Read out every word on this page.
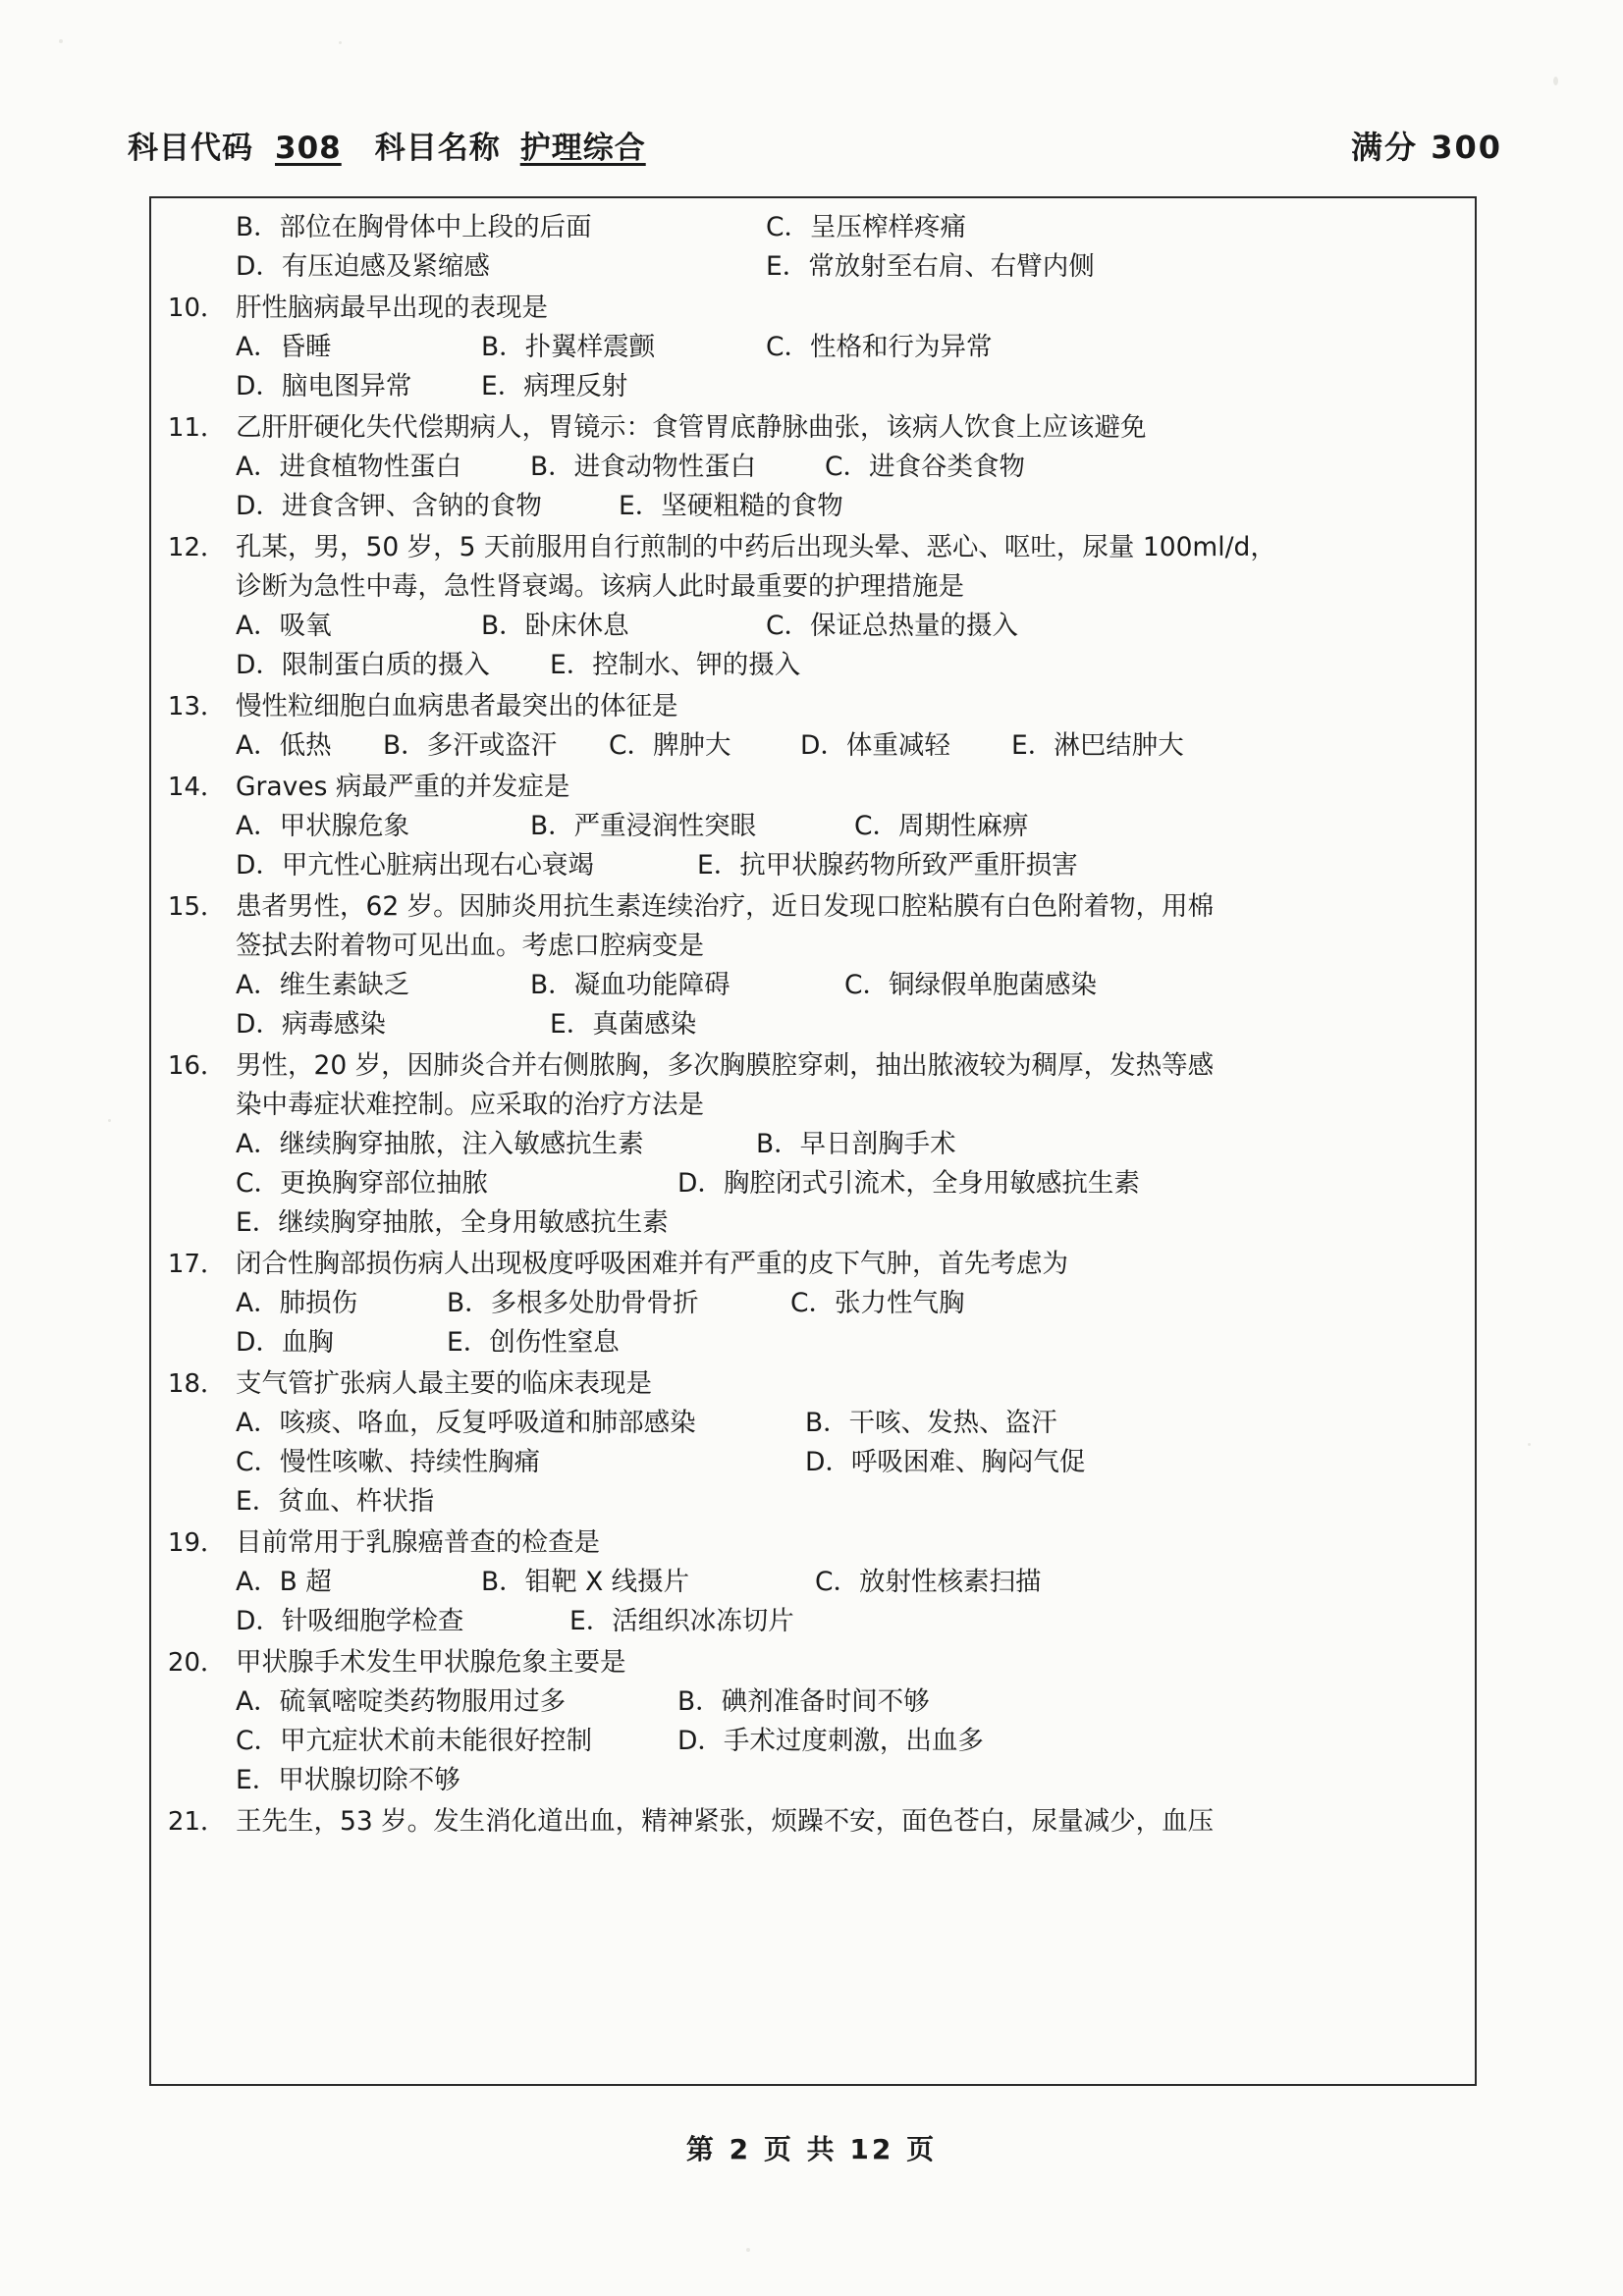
科目代码 308 科目名称 护理综合	满分 300
B．部位在胸骨体中上段的后面	C．呈压榨样疼痛
D．有压迫感及紧缩感	E．常放射至右肩、右臂内侧
10． 肝性脑病最早出现的表现是
A．昏睡	B．扑翼样震颤	C．性格和行为异常
D．脑电图异常	E．病理反射
11． 乙肝肝硬化失代偿期病人，胃镜示：食管胃底静脉曲张，该病人饮食上应该避免
A．进食植物性蛋白	B．进食动物性蛋白	C．进食谷类食物
D．进食含钾、含钠的食物	E．坚硬粗糙的食物
12． 孔某，男，50 岁，5 天前服用自行煎制的中药后出现头晕、恶心、呕吐，尿量 100ml/d，
诊断为急性中毒，急性肾衰竭。该病人此时最重要的护理措施是
A．吸氧	B．卧床休息	C．保证总热量的摄入
D．限制蛋白质的摄入	E．控制水、钾的摄入
13． 慢性粒细胞白血病患者最突出的体征是
A．低热	B．多汗或盗汗	C．脾肿大	D．体重减轻	E．淋巴结肿大
14． Graves 病最严重的并发症是
A．甲状腺危象	B．严重浸润性突眼	C．周期性麻痹
D．甲亢性心脏病出现右心衰竭	E．抗甲状腺药物所致严重肝损害
15． 患者男性，62 岁。因肺炎用抗生素连续治疗，近日发现口腔粘膜有白色附着物，用棉
签拭去附着物可见出血。考虑口腔病变是
A．维生素缺乏	B．凝血功能障碍	C．铜绿假单胞菌感染
D．病毒感染	E．真菌感染
16． 男性，20 岁，因肺炎合并右侧脓胸，多次胸膜腔穿刺，抽出脓液较为稠厚，发热等感
染中毒症状难控制。应采取的治疗方法是
A．继续胸穿抽脓，注入敏感抗生素	B．早日剖胸手术
C．更换胸穿部位抽脓	D．胸腔闭式引流术，全身用敏感抗生素
E．继续胸穿抽脓，全身用敏感抗生素
17． 闭合性胸部损伤病人出现极度呼吸困难并有严重的皮下气肿，首先考虑为
A．肺损伤	B．多根多处肋骨骨折	C．张力性气胸
D．血胸	E．创伤性窒息
18． 支气管扩张病人最主要的临床表现是
A．咳痰、咯血，反复呼吸道和肺部感染	B．干咳、发热、盗汗
C．慢性咳嗽、持续性胸痛	D．呼吸困难、胸闷气促
E．贫血、杵状指
19． 目前常用于乳腺癌普查的检查是
A．B 超	B．钼靶 X 线摄片	C．放射性核素扫描
D．针吸细胞学检查	E．活组织冰冻切片
20． 甲状腺手术发生甲状腺危象主要是
A．硫氧嘧啶类药物服用过多	B．碘剂准备时间不够
C．甲亢症状术前未能很好控制	D．手术过度刺激，出血多
E．甲状腺切除不够
21． 王先生，53 岁。发生消化道出血，精神紧张，烦躁不安，面色苍白，尿量减少，血压
第 2 页 共 12 页
